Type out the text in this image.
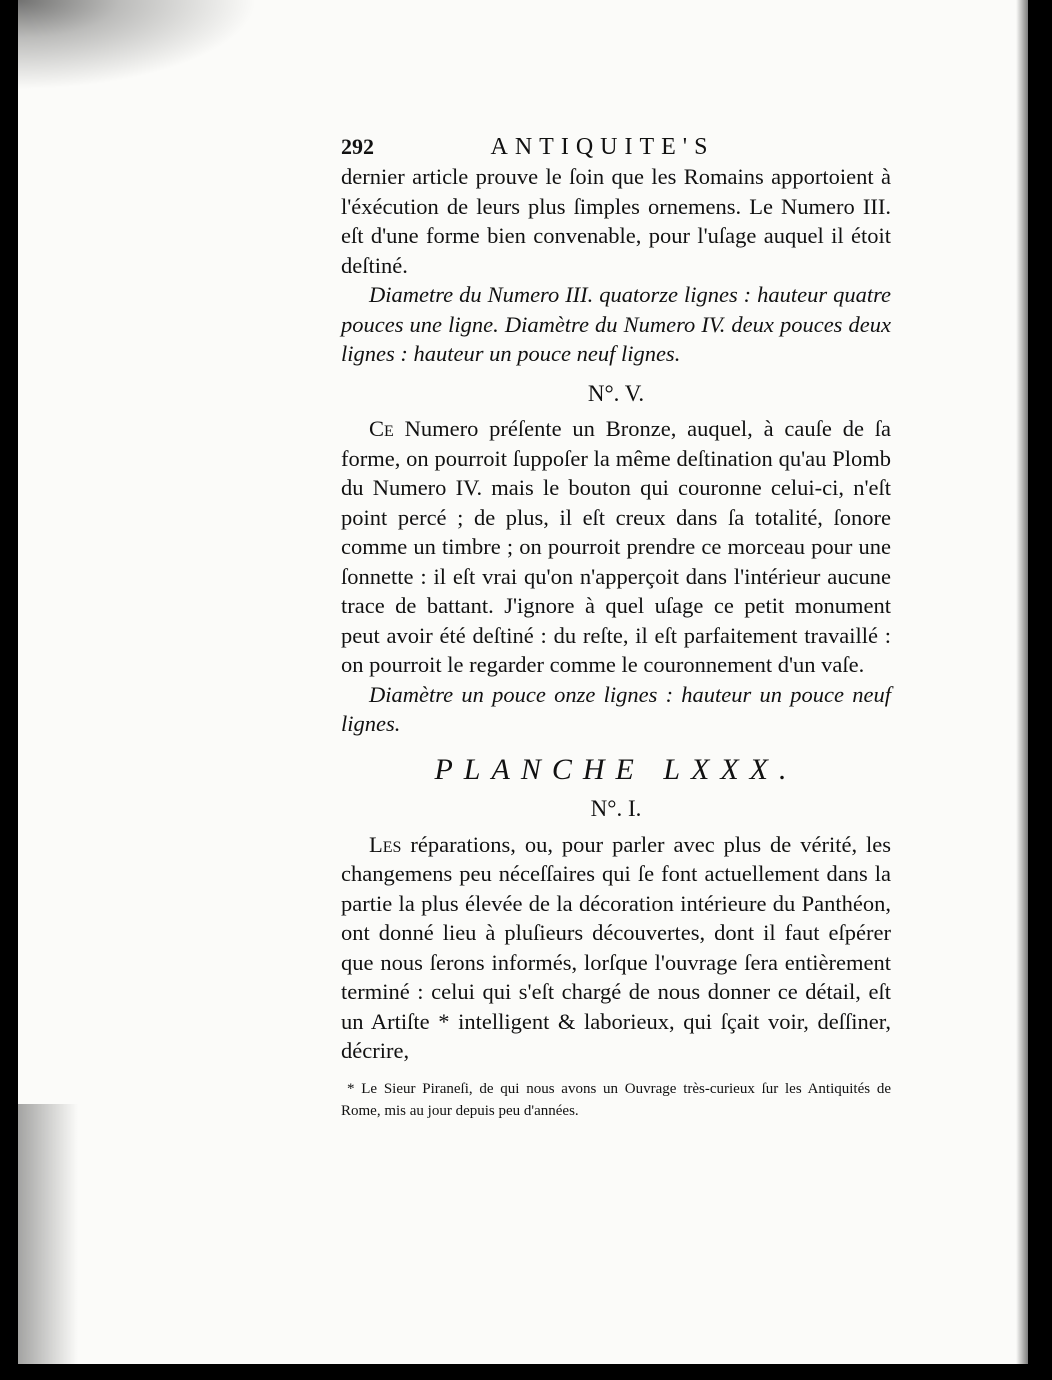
292	ANTIQUITE'S

dernier article prouve le ſoin que les Romains apportoient à l'éxécution de leurs plus ſimples ornemens. Le Numero III. eſt d'une forme bien convenable, pour l'uſage auquel il étoit deſtiné.

Diametre du Numero III. quatorze lignes : hauteur quatre pouces une ligne. Diamètre du Numero IV. deux pouces deux lignes : hauteur un pouce neuf lignes.

N°. V.

Ce Numero préſente un Bronze, auquel, à cauſe de ſa forme, on pourroit ſuppoſer la même deſtination qu'au Plomb du Numero IV. mais le bouton qui couronne celui-ci, n'eſt point percé ; de plus, il eſt creux dans ſa totalité, ſonore comme un timbre ; on pourroit prendre ce morceau pour une ſonnette : il eſt vrai qu'on n'apperçoit dans l'intérieur aucune trace de battant. J'ignore à quel uſage ce petit monument peut avoir été deſtiné : du reſte, il eſt parfaitement travaillé : on pourroit le regarder comme le couronnement d'un vaſe.

Diamètre un pouce onze lignes : hauteur un pouce neuf lignes.

PLANCHE LXXX.
N°. I.

Les réparations, ou, pour parler avec plus de vérité, les changemens peu néceſſaires qui ſe font actuellement dans la partie la plus élevée de la décoration intérieure du Panthéon, ont donné lieu à pluſieurs découvertes, dont il faut eſpérer que nous ſerons informés, lorſque l'ouvrage ſera entièrement terminé : celui qui s'eſt chargé de nous donner ce détail, eſt un Artiſte * intelligent & laborieux, qui ſçait voir, deſſiner, décrire,

* Le Sieur Piraneſi, de qui nous avons un Ouvrage très-curieux ſur les Antiquités de Rome, mis au jour depuis peu d'années.
